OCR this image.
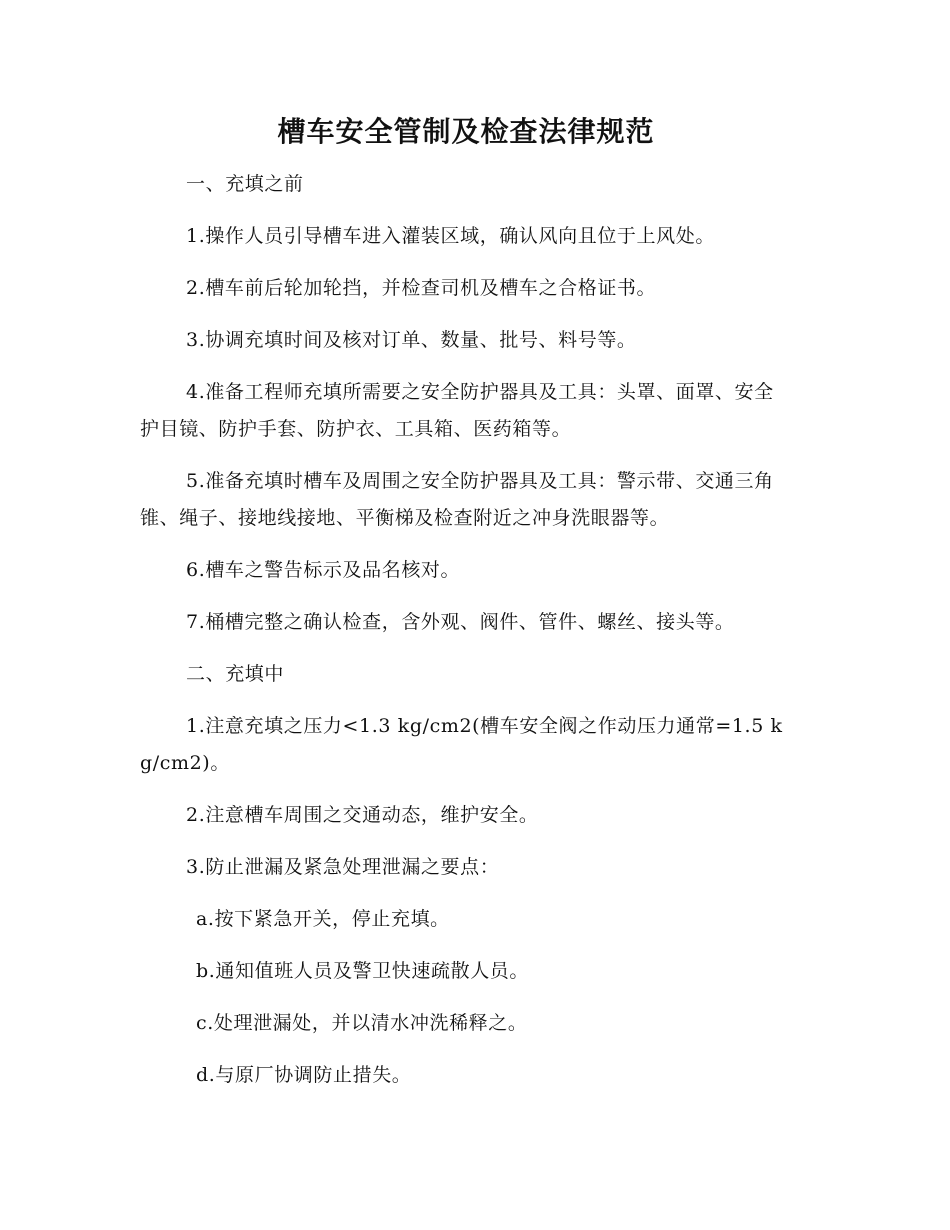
槽车安全管制及检查法律规范

一、充填之前

1.操作人员引导槽车进入灌装区域，确认风向且位于上风处。

2.槽车前后轮加轮挡，并检查司机及槽车之合格证书。

3.协调充填时间及核对订单、数量、批号、料号等。

4.准备工程师充填所需要之安全防护器具及工具：头罩、面罩、安全护目镜、防护手套、防护衣、工具箱、医药箱等。

5.准备充填时槽车及周围之安全防护器具及工具：警示带、交通三角锥、绳子、接地线接地、平衡梯及检查附近之冲身洗眼器等。

6.槽车之警告标示及品名核对。

7.桶槽完整之确认检查，含外观、阀件、管件、螺丝、接头等。

二、充填中

1.注意充填之压力<1.3 kg/cm2(槽车安全阀之作动压力通常=1.5 kg/cm2)。

2.注意槽车周围之交通动态，维护安全。

3.防止泄漏及紧急处理泄漏之要点：

a.按下紧急开关，停止充填。

b.通知值班人员及警卫快速疏散人员。

c.处理泄漏处，并以清水冲洗稀释之。

d.与原厂协调防止措失。
